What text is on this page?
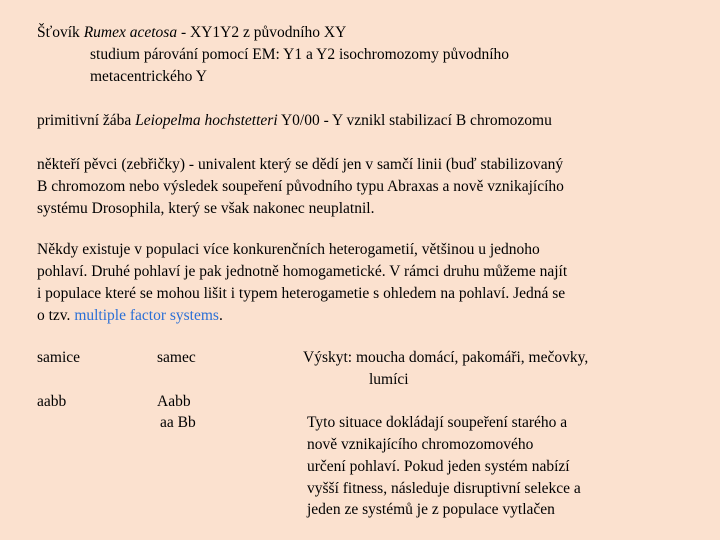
Šťovík Rumex acetosa - XY1Y2 z původního XY
studium párování pomocí EM: Y1 a Y2 isochromozomy původního
metacentrického Y
primitivní žába Leiopelma hochstetteri Y0/00 - Y vznikl stabilizací B chromozomu
někteří pěvci (zebřičky) - univalent který se dědí jen v samčí linii (buď stabilizovaný
B chromozom nebo výsledek soupeření původního typu Abraxas a nově vznikajícího
systému Drosophila, který se však nakonec neuplatnil.
Někdy existuje v populaci více konkurenčních heterogametií, většinou u jednoho
pohlaví. Druhé pohlaví je pak jednotně homogametické. V rámci druhu můžeme najít
i populace které se mohou lišit i typem heterogametie s ohledem na pohlaví. Jedná se
o tzv. multiple factor systems.
samice	samec
aabb	Aabb
aa Bb
Výskyt: moucha domácí, pakomáři, mečovky,
lumíci
Tyto situace dokládají soupeření starého a
nově vznikajícího chromozomového
určení pohlaví. Pokud jeden systém nabízí
vyšší fitness, následuje disruptivní selekce a
jeden ze systémů je z populace vytlačen
